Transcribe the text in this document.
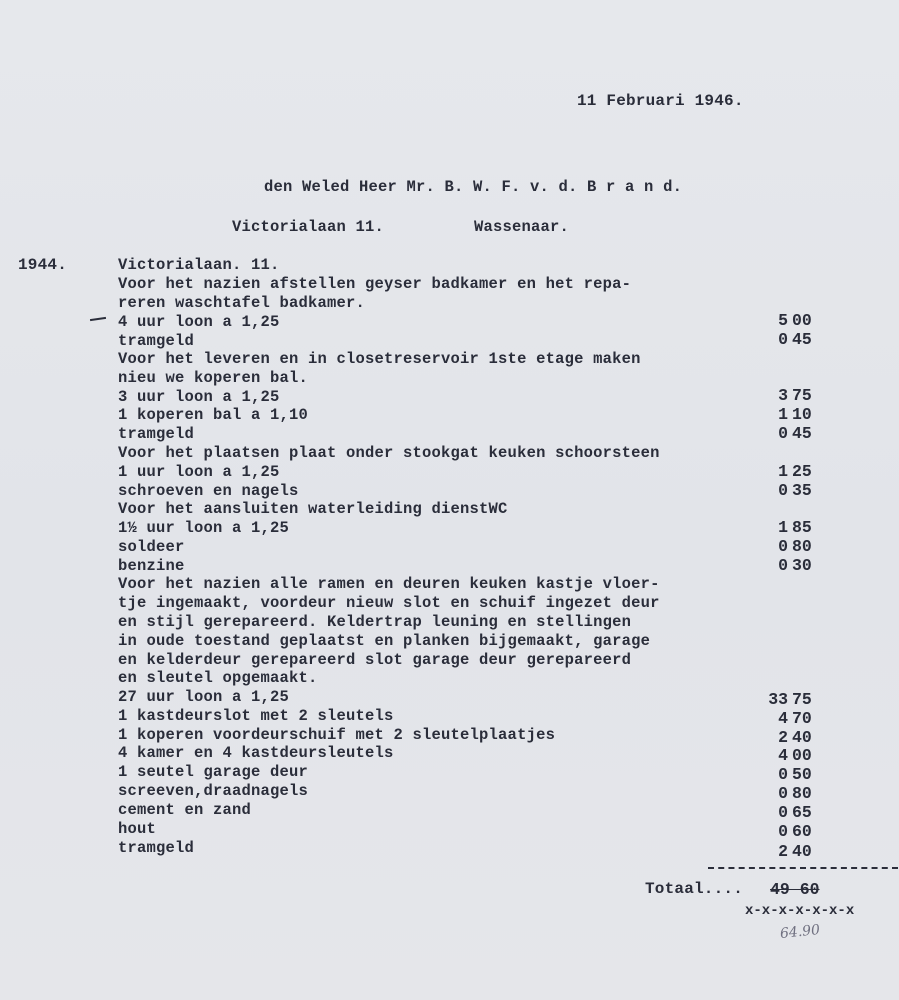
11 Februari 1946.
den Weled Heer Mr. B. W. F. v. d. B r a n d.
Victorialaan 11.	Wassenaar.
1944.	Victorialaan. 11.
Voor het nazien afstellen geyser badkamer en het repa-
reren waschtafel badkamer.
4 uur loon a 1,25
tramgeld
Voor het leveren en in closetreservoir 1ste etage maken
nieu we koperen bal.
3 uur loon a 1,25
1 koperen bal a 1,10
tramgeld
Voor het plaatsen plaat onder stookgat keuken schoorsteen
1 uur loon a 1,25
schroeven en nagels
Voor het aansluiten waterleiding dienstWC
1½ uur loon a 1,25
soldeer
benzine
Voor het nazien alle ramen en deuren keuken kastje vloer-
tje ingemaakt, voordeur nieuw slot en schuif ingezet deur
en stijl gerepareerd. Keldertrap leuning en stellingen
in oude toestand geplaatst en planken bijgemaakt, garage
en kelderdeur gerepareerd slot garage deur gerepareerd
en sleutel opgemaakt.
27 uur loon a 1,25
1 kastdeurslot met 2 sleutels
1 koperen voordeurschuif met 2 sleutelplaatjes
4 kamer en 4 kastdeursleutels
1 seutel garage deur
screeven,draadnagels
cement en zand
hout
tramgeld
5 00
0 45
3 75
1 10
0 45
1 25
0 35
1 85
0 80
0 30
33 75
4 70
2 40
4 00
0 50
0 80
0 65
0 60
2 40
Totaal.... 49 60
x-x-x-x-x-x-x
64.90
